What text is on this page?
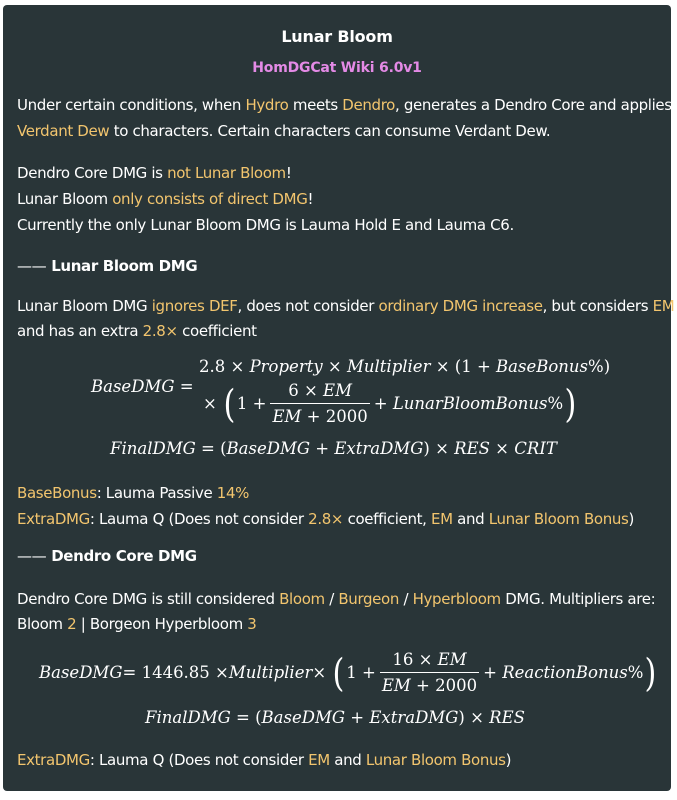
Lunar Bloom
HomDGCat Wiki 6.0v1
Under certain conditions, when Hydro meets Dendro, generates a Dendro Core and applies
Verdant Dew to characters. Certain characters can consume Verdant Dew.
Dendro Core DMG is not Lunar Bloom!
Lunar Bloom only consists of direct DMG!
Currently the only Lunar Bloom DMG is Lauma Hold E and Lauma C6.
—— Lunar Bloom DMG
Lunar Bloom DMG ignores DEF, does not consider ordinary DMG increase, but considers EM
and has an extra 2.8× coefficient
BaseDMG =
2.8 × Property × Multiplier × (1 + BaseBonus%)
×
( $1 + \frac{6 \times EM}{EM + 2000}$ +
LunarBloomBonus % )
FinalDMG = (BaseDMG + ExtraDMG) × RES × CRIT
BaseBonus: Lauma Passive 14%
ExtraDMG: Lauma Q (Does not consider 2.8× coefficient, EM and Lunar Bloom Bonus)
—— Dendro Core DMG
Dendro Core DMG is still considered Bloom / Burgeon / Hyperbloom DMG. Multipliers are:
Bloom 2 | Borgeon Hyperbloom 3
BaseDMG = 1446.85 × Multiplier ×
( $1 + \frac{16 \times EM}{EM + 2000}$ +
ReactionBonus % )
FinalDMG = (BaseDMG + ExtraDMG) × RES
ExtraDMG: Lauma Q (Does not consider EM and Lunar Bloom Bonus)
